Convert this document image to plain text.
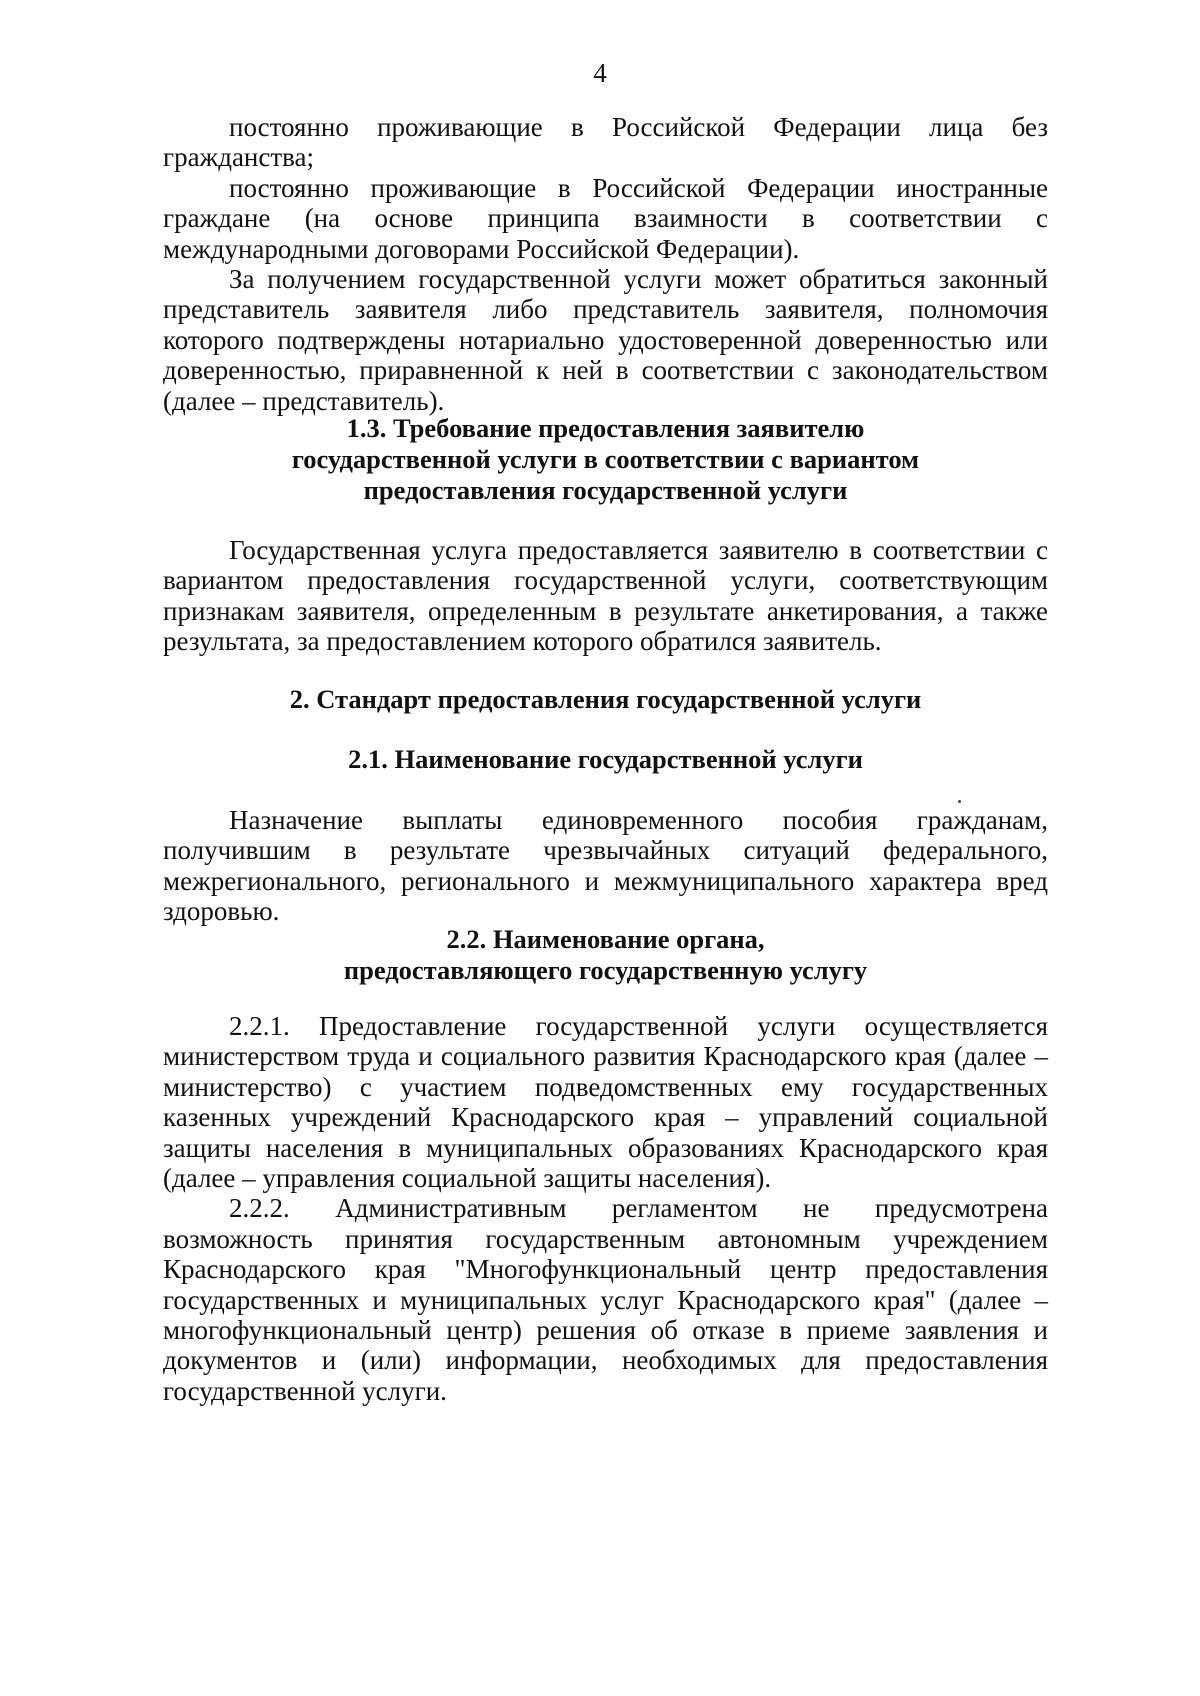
4

постоянно проживающие в Российской Федерации лица без гражданства;

постоянно проживающие в Российской Федерации иностранные граждане (на основе принципа взаимности в соответствии с международными договорами Российской Федерации).

За получением государственной услуги может обратиться законный представитель заявителя либо представитель заявителя, полномочия которого подтверждены нотариально удостоверенной доверенностью или доверенностью, приравненной к ней в соответствии с законодательством (далее – представитель).

1.3. Требование предоставления заявителю
государственной услуги в соответствии с вариантом
предоставления государственной услуги

Государственная услуга предоставляется заявителю в соответствии с вариантом предоставления государственной услуги, соответствующим признакам заявителя, определенным в результате анкетирования, а также результата, за предоставлением которого обратился заявитель.

2. Стандарт предоставления государственной услуги

2.1. Наименование государственной услуги

Назначение выплаты единовременного пособия гражданам, получившим в результате чрезвычайных ситуаций федерального, межрегионального, регионального и межмуниципального характера вред здоровью.

2.2. Наименование органа,
предоставляющего государственную услугу

2.2.1. Предоставление государственной услуги осуществляется министерством труда и социального развития Краснодарского края (далее – министерство) с участием подведомственных ему государственных казенных учреждений Краснодарского края – управлений социальной защиты населения в муниципальных образованиях Краснодарского края (далее – управления социальной защиты населения).

2.2.2. Административным регламентом не предусмотрена возможность принятия государственным автономным учреждением Краснодарского края "Многофункциональный центр предоставления государственных и муниципальных услуг Краснодарского края" (далее – многофункциональный центр) решения об отказе в приеме заявления и документов и (или) информации, необходимых для предоставления государственной услуги.
